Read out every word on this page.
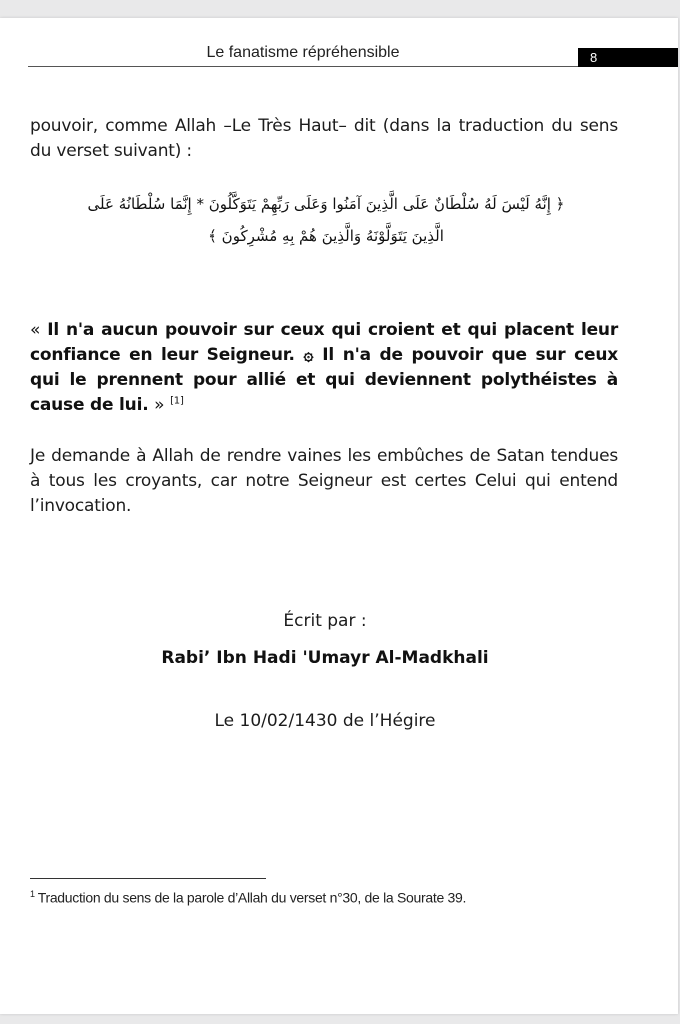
Le fanatisme répréhensible	8
pouvoir, comme Allah –Le Très Haut– dit (dans la traduction du sens du verset suivant) :
﴿ إِنَّهُ لَيْسَ لَهُ سُلْطَانٌ عَلَى الَّذِينَ آمَنُوا وَعَلَى رَبِّهِمْ يَتَوَكَّلُونَ * إِنَّمَا سُلْطَانُهُ عَلَى
الَّذِينَ يَتَوَلَّوْنَهُ وَالَّذِينَ هُمْ بِهِ مُشْرِكُونَ ﴾
« Il n'a aucun pouvoir sur ceux qui croient et qui placent leur confiance en leur Seigneur. ۞ Il n'a de pouvoir que sur ceux qui le prennent pour allié et qui deviennent polythéistes à cause de lui. » [1]
Je demande à Allah de rendre vaines les embûches de Satan tendues à tous les croyants, car notre Seigneur est certes Celui qui entend l’invocation.
Écrit par :
Rabi’ Ibn Hadi 'Umayr Al-Madkhali
Le 10/02/1430 de l’Hégire
$^1$ Traduction du sens de la parole d’Allah du verset n°30, de la Sourate 39.
